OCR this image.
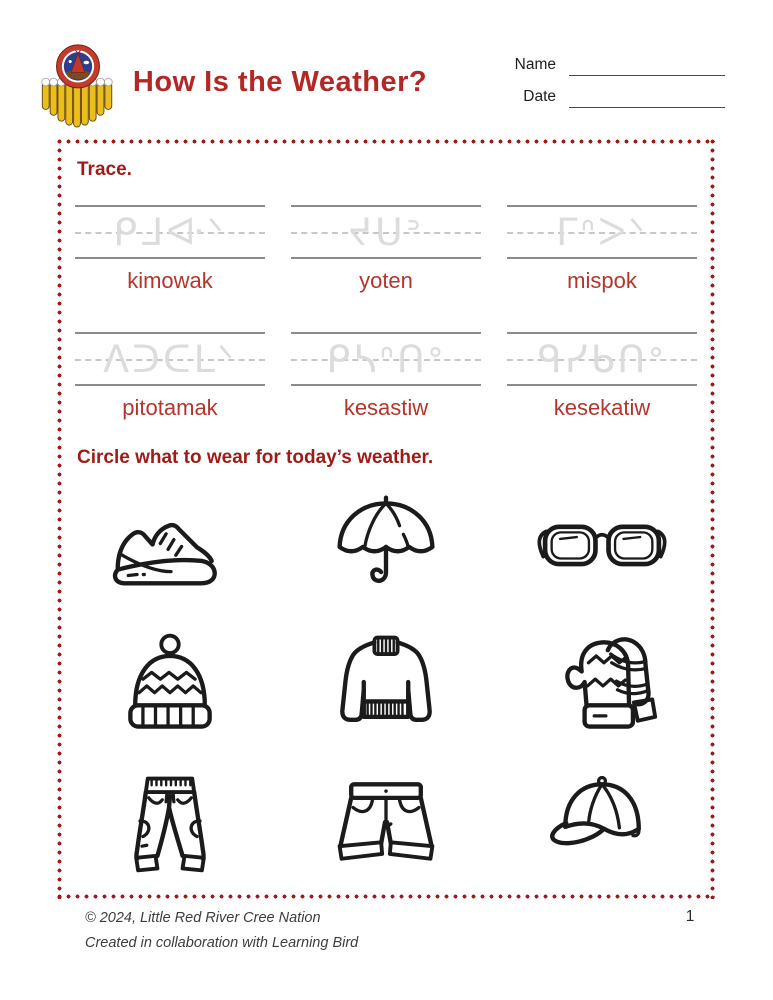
How Is the Weather?
Name
Date
Trace.
ᑭᒧᐘᐠ
kimowak
ᔪᑌᐣ
yoten
ᒥᐢᐳᐠ
mispok
ᐱᑐᑕᒪᐠ
pitotamak
ᑭᓴᐢᑎᐤ
kesastiw
ᑫᓯᑲᑎᐤ
kesekatiw
Circle what to wear for today’s weather.
© 2024, Little Red River Cree Nation
Created in collaboration with Learning Bird
1
